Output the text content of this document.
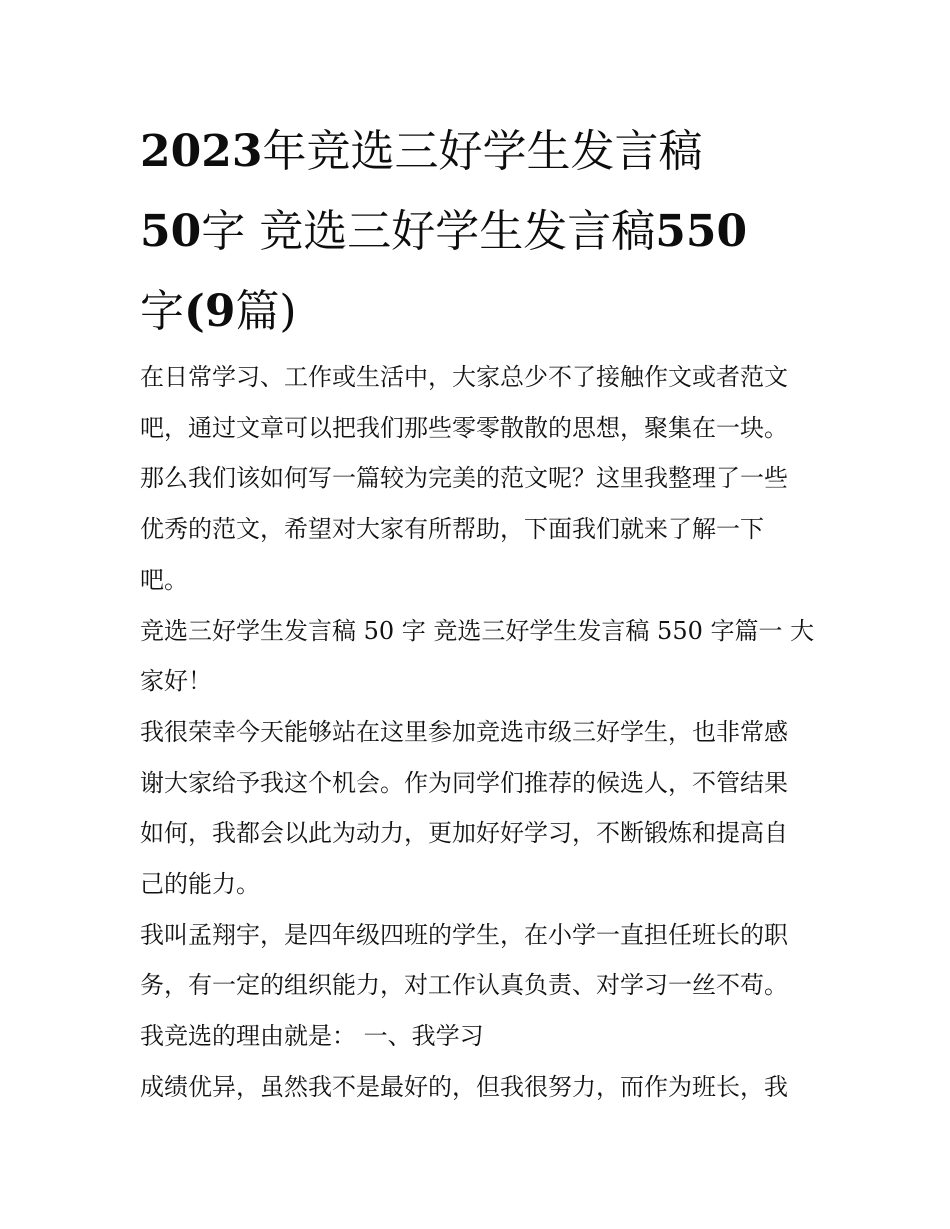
2023年竞选三好学生发言稿
50字 竞选三好学生发言稿550
字(9篇)
在日常学习、工作或生活中，大家总少不了接触作文或者范文
吧，通过文章可以把我们那些零零散散的思想，聚集在一块。
那么我们该如何写一篇较为完美的范文呢？这里我整理了一些
优秀的范文，希望对大家有所帮助，下面我们就来了解一下
吧。
竞选三好学生发言稿 50 字 竞选三好学生发言稿 550 字篇一 大
家好！
我很荣幸今天能够站在这里参加竞选市级三好学生，也非常感
谢大家给予我这个机会。作为同学们推荐的候选人，不管结果
如何，我都会以此为动力，更加好好学习，不断锻炼和提高自
己的能力。
我叫孟翔宇，是四年级四班的学生，在小学一直担任班长的职
务，有一定的组织能力，对工作认真负责、对学习一丝不苟。
我竞选的理由就是： 一、我学习
成绩优异，虽然我不是最好的，但我很努力，而作为班长，我
